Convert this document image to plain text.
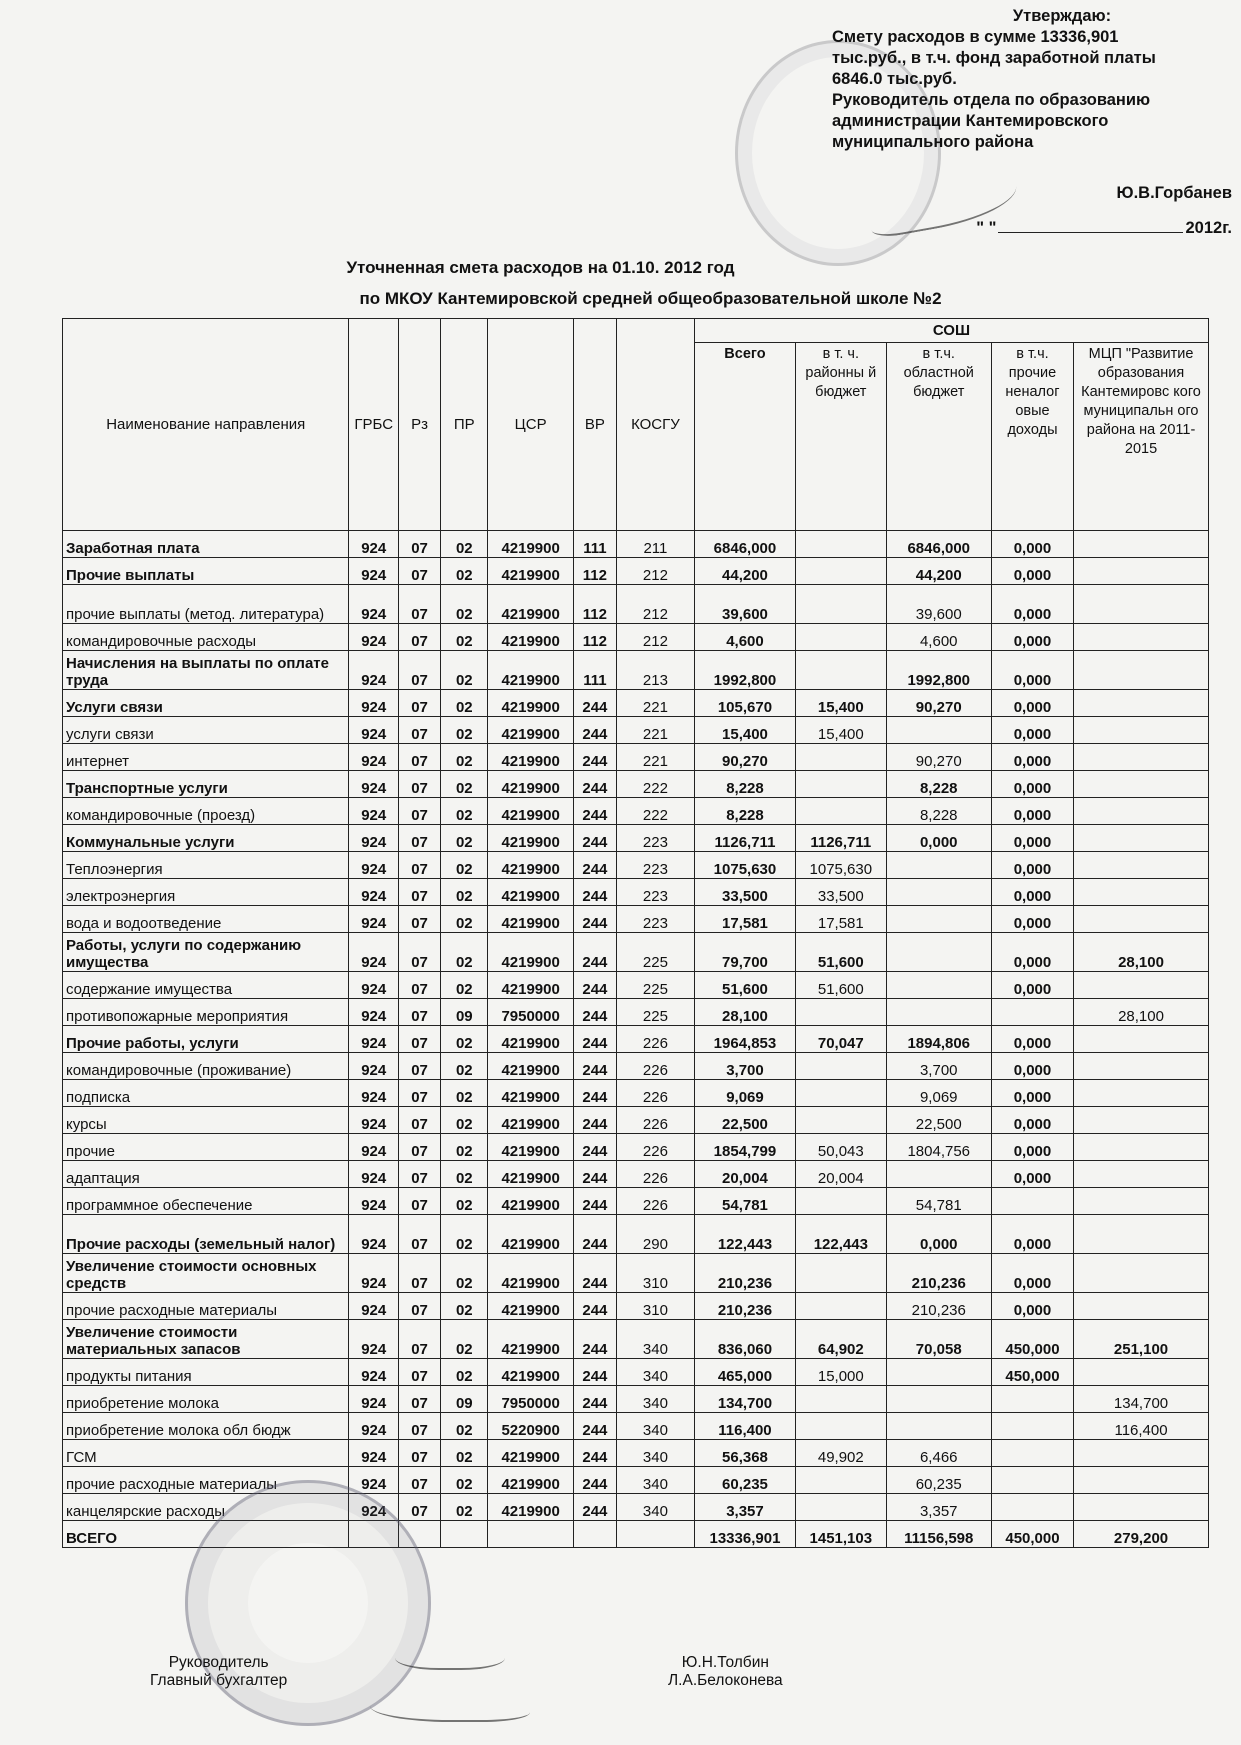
Утверждаю:
Смету расходов в сумме 13336,901
тыс.руб., в т.ч. фонд заработной платы
6846.0 тыс.руб.
Руководитель отдела по образованию
администрации Кантемировского
муниципального района
Ю.В.Горбанев
" "	2012г.
Уточненная смета расходов на 01.10. 2012 год
по МКОУ Кантемировской средней общеобразовательной школе №2
Наименование направления	ГРБС	Рз	ПР	ЦСР	ВР	КОСГУ	СОШ				
							Всего	в т. ч. районны й бюджет	в т.ч. областной бюджет	в т.ч. прочие неналог овые доходы	МЦП "Развитие образования Кантемировс кого муниципальн ого района на 2011-2015
Заработная плата	924	07	02	4219900	111	211	6846,000		6846,000	0,000	
Прочие выплаты	924	07	02	4219900	112	212	44,200		44,200	0,000	
прочие выплаты (метод. литература)	924	07	02	4219900	112	212	39,600		39,600	0,000	
командировочные расходы	924	07	02	4219900	112	212	4,600		4,600	0,000	
Начисления на выплаты по оплате труда	924	07	02	4219900	111	213	1992,800		1992,800	0,000	
Услуги связи	924	07	02	4219900	244	221	105,670	15,400	90,270	0,000	
услуги связи	924	07	02	4219900	244	221	15,400	15,400		0,000	
интернет	924	07	02	4219900	244	221	90,270		90,270	0,000	
Транспортные услуги	924	07	02	4219900	244	222	8,228		8,228	0,000	
командировочные (проезд)	924	07	02	4219900	244	222	8,228		8,228	0,000	
Коммунальные услуги	924	07	02	4219900	244	223	1126,711	1126,711	0,000	0,000	
Теплоэнергия	924	07	02	4219900	244	223	1075,630	1075,630		0,000	
электроэнергия	924	07	02	4219900	244	223	33,500	33,500		0,000	
вода и водоотведение	924	07	02	4219900	244	223	17,581	17,581		0,000	
Работы, услуги по содержанию имущества	924	07	02	4219900	244	225	79,700	51,600		0,000	28,100
содержание имущества	924	07	02	4219900	244	225	51,600	51,600		0,000	
противопожарные мероприятия	924	07	09	7950000	244	225	28,100				28,100
Прочие работы, услуги	924	07	02	4219900	244	226	1964,853	70,047	1894,806	0,000	
командировочные (проживание)	924	07	02	4219900	244	226	3,700		3,700	0,000	
подписка	924	07	02	4219900	244	226	9,069		9,069	0,000	
курсы	924	07	02	4219900	244	226	22,500		22,500	0,000	
прочие	924	07	02	4219900	244	226	1854,799	50,043	1804,756	0,000	
адаптация	924	07	02	4219900	244	226	20,004	20,004		0,000	
программное обеспечение	924	07	02	4219900	244	226	54,781		54,781		
Прочие расходы (земельный налог)	924	07	02	4219900	244	290	122,443	122,443	0,000	0,000	
Увеличение стоимости основных средств	924	07	02	4219900	244	310	210,236		210,236	0,000	
прочие расходные материалы	924	07	02	4219900	244	310	210,236		210,236	0,000	
Увеличение стоимости материальных запасов	924	07	02	4219900	244	340	836,060	64,902	70,058	450,000	251,100
продукты питания	924	07	02	4219900	244	340	465,000	15,000		450,000	
приобретение молока	924	07	09	7950000	244	340	134,700				134,700
приобретение молока обл бюдж	924	07	02	5220900	244	340	116,400				116,400
ГСМ	924	07	02	4219900	244	340	56,368	49,902	6,466		
прочие расходные материалы	924	07	02	4219900	244	340	60,235		60,235		
канцелярские расходы	924	07	02	4219900	244	340	3,357		3,357		
ВСЕГО							13336,901	1451,103	11156,598	450,000	279,200
Руководитель
Главный бухгалтер
Ю.Н.Толбин
Л.А.Белоконева
